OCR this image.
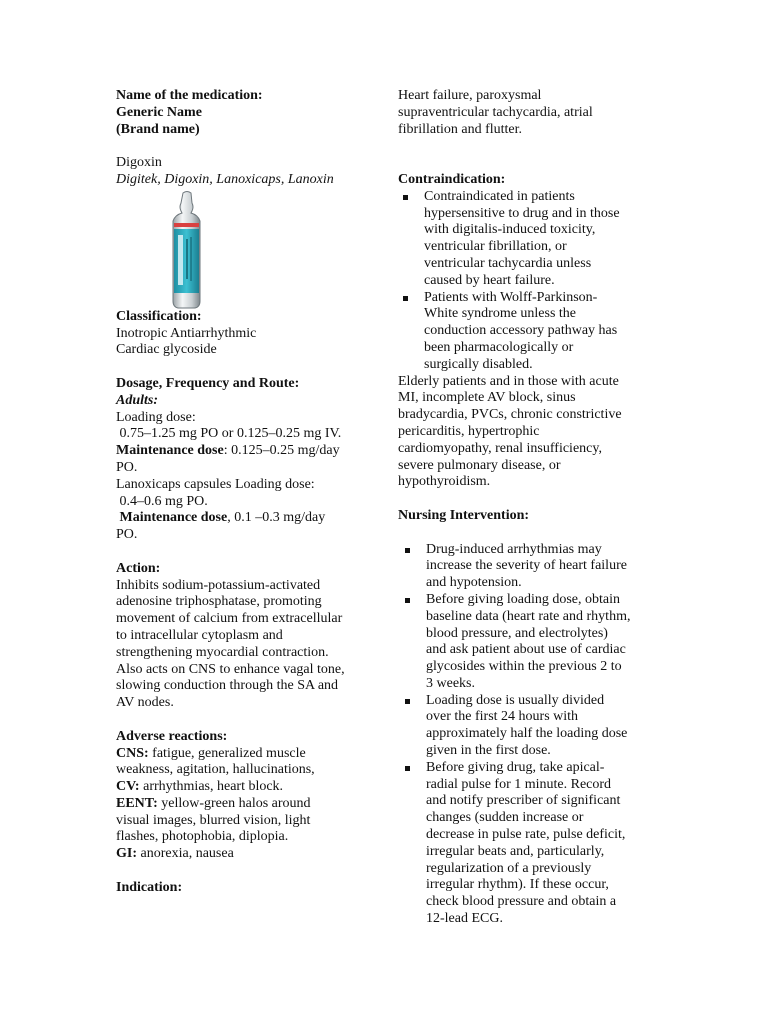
Name of the medication:
Generic Name
(Brand name)
Digoxin
Digitek, Digoxin, Lanoxicaps, Lanoxin
Classification:
Inotropic Antiarrhythmic
Cardiac glycoside
Dosage, Frequency and Route:
Adults:
Loading dose:
0.75–1.25 mg PO or 0.125–0.25 mg IV.
Maintenance dose: 0.125–0.25 mg/day
PO.
Lanoxicaps capsules Loading dose:
0.4–0.6 mg PO.
Maintenance dose, 0.1 –0.3 mg/day
PO.
Action:
Inhibits sodium-potassium-activated
adenosine triphosphatase, promoting
movement of calcium from extracellular
to intracellular cytoplasm and
strengthening myocardial contraction.
Also acts on CNS to enhance vagal tone,
slowing conduction through the SA and
AV nodes.
Adverse reactions:
CNS: fatigue, generalized muscle
weakness, agitation, hallucinations,
CV: arrhythmias, heart block.
EENT: yellow-green halos around
visual images, blurred vision, light
flashes, photophobia, diplopia.
GI: anorexia, nausea
Indication:
Heart failure, paroxysmal
supraventricular tachycardia, atrial
fibrillation and flutter.
Contraindication:
Contraindicated in patients
hypersensitive to drug and in those
with digitalis-induced toxicity,
ventricular fibrillation, or
ventricular tachycardia unless
caused by heart failure.
Patients with Wolff-Parkinson-
White syndrome unless the
conduction accessory pathway has
been pharmacologically or
surgically disabled.
Elderly patients and in those with acute
MI, incomplete AV block, sinus
bradycardia, PVCs, chronic constrictive
pericarditis, hypertrophic
cardiomyopathy, renal insufficiency,
severe pulmonary disease, or
hypothyroidism.
Nursing Intervention:
Drug-induced arrhythmias may
increase the severity of heart failure
and hypotension.
Before giving loading dose, obtain
baseline data (heart rate and rhythm,
blood pressure, and electrolytes)
and ask patient about use of cardiac
glycosides within the previous 2 to
3 weeks.
Loading dose is usually divided
over the first 24 hours with
approximately half the loading dose
given in the first dose.
Before giving drug, take apical-
radial pulse for 1 minute. Record
and notify prescriber of significant
changes (sudden increase or
decrease in pulse rate, pulse deficit,
irregular beats and, particularly,
regularization of a previously
irregular rhythm). If these occur,
check blood pressure and obtain a
12-lead ECG.
